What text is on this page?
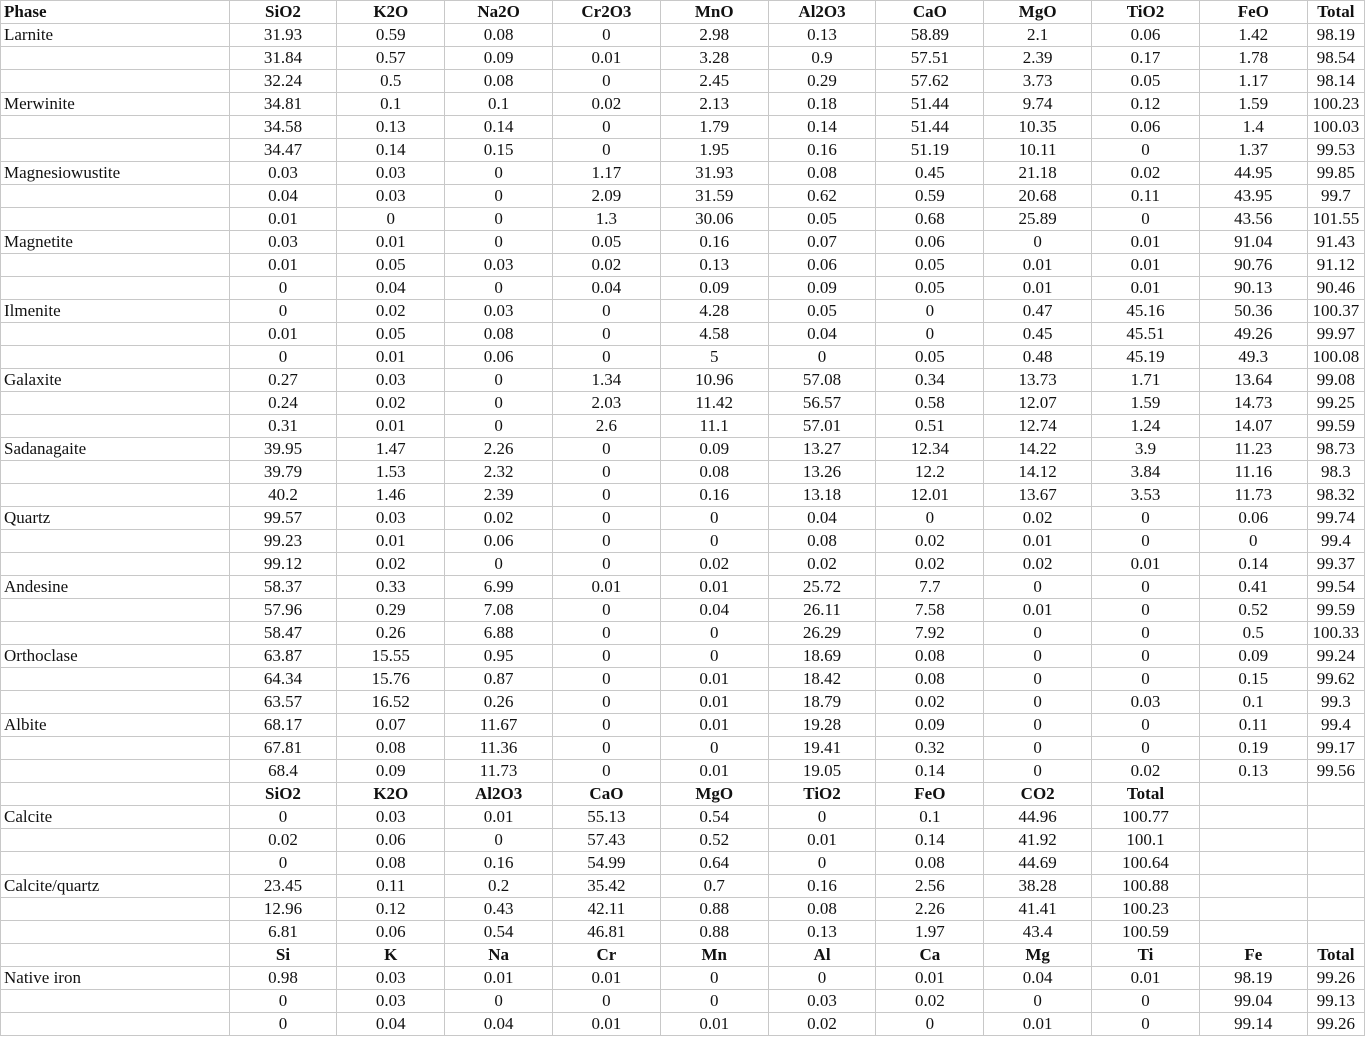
Phase	SiO2	K2O	Na2O	Cr2O3	MnO	Al2O3	CaO	MgO	TiO2	FeO	Total
Larnite	31.93	0.59	0.08	0	2.98	0.13	58.89	2.1	0.06	1.42	98.19
	31.84	0.57	0.09	0.01	3.28	0.9	57.51	2.39	0.17	1.78	98.54
	32.24	0.5	0.08	0	2.45	0.29	57.62	3.73	0.05	1.17	98.14
Merwinite	34.81	0.1	0.1	0.02	2.13	0.18	51.44	9.74	0.12	1.59	100.23
	34.58	0.13	0.14	0	1.79	0.14	51.44	10.35	0.06	1.4	100.03
	34.47	0.14	0.15	0	1.95	0.16	51.19	10.11	0	1.37	99.53
Magnesiowustite	0.03	0.03	0	1.17	31.93	0.08	0.45	21.18	0.02	44.95	99.85
	0.04	0.03	0	2.09	31.59	0.62	0.59	20.68	0.11	43.95	99.7
	0.01	0	0	1.3	30.06	0.05	0.68	25.89	0	43.56	101.55
Magnetite	0.03	0.01	0	0.05	0.16	0.07	0.06	0	0.01	91.04	91.43
	0.01	0.05	0.03	0.02	0.13	0.06	0.05	0.01	0.01	90.76	91.12
	0	0.04	0	0.04	0.09	0.09	0.05	0.01	0.01	90.13	90.46
Ilmenite	0	0.02	0.03	0	4.28	0.05	0	0.47	45.16	50.36	100.37
	0.01	0.05	0.08	0	4.58	0.04	0	0.45	45.51	49.26	99.97
	0	0.01	0.06	0	5	0	0.05	0.48	45.19	49.3	100.08
Galaxite	0.27	0.03	0	1.34	10.96	57.08	0.34	13.73	1.71	13.64	99.08
	0.24	0.02	0	2.03	11.42	56.57	0.58	12.07	1.59	14.73	99.25
	0.31	0.01	0	2.6	11.1	57.01	0.51	12.74	1.24	14.07	99.59
Sadanagaite	39.95	1.47	2.26	0	0.09	13.27	12.34	14.22	3.9	11.23	98.73
	39.79	1.53	2.32	0	0.08	13.26	12.2	14.12	3.84	11.16	98.3
	40.2	1.46	2.39	0	0.16	13.18	12.01	13.67	3.53	11.73	98.32
Quartz	99.57	0.03	0.02	0	0	0.04	0	0.02	0	0.06	99.74
	99.23	0.01	0.06	0	0	0.08	0.02	0.01	0	0	99.4
	99.12	0.02	0	0	0.02	0.02	0.02	0.02	0.01	0.14	99.37
Andesine	58.37	0.33	6.99	0.01	0.01	25.72	7.7	0	0	0.41	99.54
	57.96	0.29	7.08	0	0.04	26.11	7.58	0.01	0	0.52	99.59
	58.47	0.26	6.88	0	0	26.29	7.92	0	0	0.5	100.33
Orthoclase	63.87	15.55	0.95	0	0	18.69	0.08	0	0	0.09	99.24
	64.34	15.76	0.87	0	0.01	18.42	0.08	0	0	0.15	99.62
	63.57	16.52	0.26	0	0.01	18.79	0.02	0	0.03	0.1	99.3
Albite	68.17	0.07	11.67	0	0.01	19.28	0.09	0	0	0.11	99.4
	67.81	0.08	11.36	0	0	19.41	0.32	0	0	0.19	99.17
	68.4	0.09	11.73	0	0.01	19.05	0.14	0	0.02	0.13	99.56
	SiO2	K2O	Al2O3	CaO	MgO	TiO2	FeO	CO2	Total		
Calcite	0	0.03	0.01	55.13	0.54	0	0.1	44.96	100.77		
	0.02	0.06	0	57.43	0.52	0.01	0.14	41.92	100.1		
	0	0.08	0.16	54.99	0.64	0	0.08	44.69	100.64		
Calcite/quartz	23.45	0.11	0.2	35.42	0.7	0.16	2.56	38.28	100.88		
	12.96	0.12	0.43	42.11	0.88	0.08	2.26	41.41	100.23		
	6.81	0.06	0.54	46.81	0.88	0.13	1.97	43.4	100.59		
	Si	K	Na	Cr	Mn	Al	Ca	Mg	Ti	Fe	Total
Native iron	0.98	0.03	0.01	0.01	0	0	0.01	0.04	0.01	98.19	99.26
	0	0.03	0	0	0	0.03	0.02	0	0	99.04	99.13
	0	0.04	0.04	0.01	0.01	0.02	0	0.01	0	99.14	99.26
